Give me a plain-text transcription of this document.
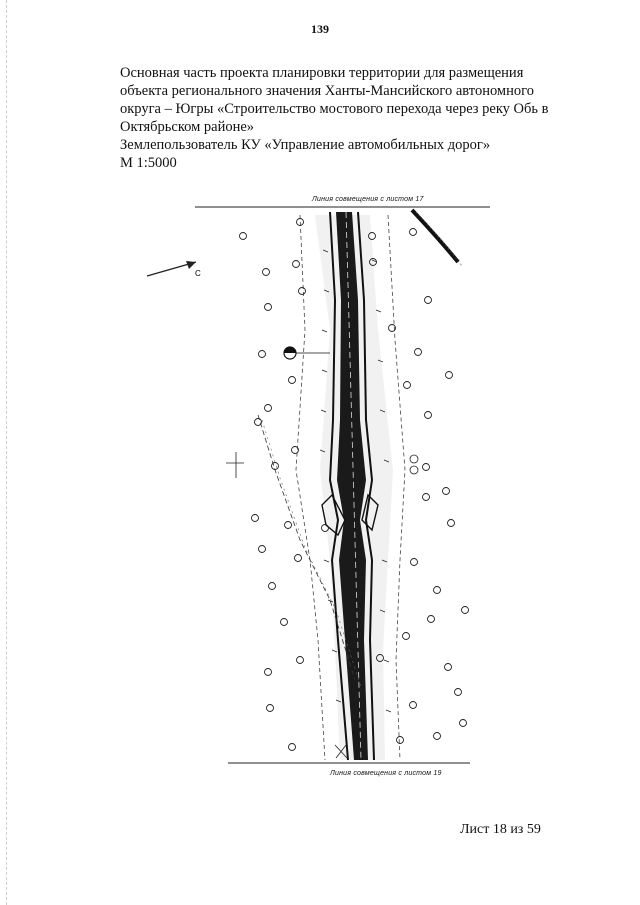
139

Основная часть проекта планировки территории для размещения

объекта регионального значения Ханты-Мансийского автономного

округа – Югры «Строительство мостового перехода через реку Обь в

Октябрьском районе»

Землепользователь КУ «Управление автомобильных дорог»

М 1:5000

С
Линия совмещения с листом 17
Линия совмещения с листом 19
Лист 18 из 59
